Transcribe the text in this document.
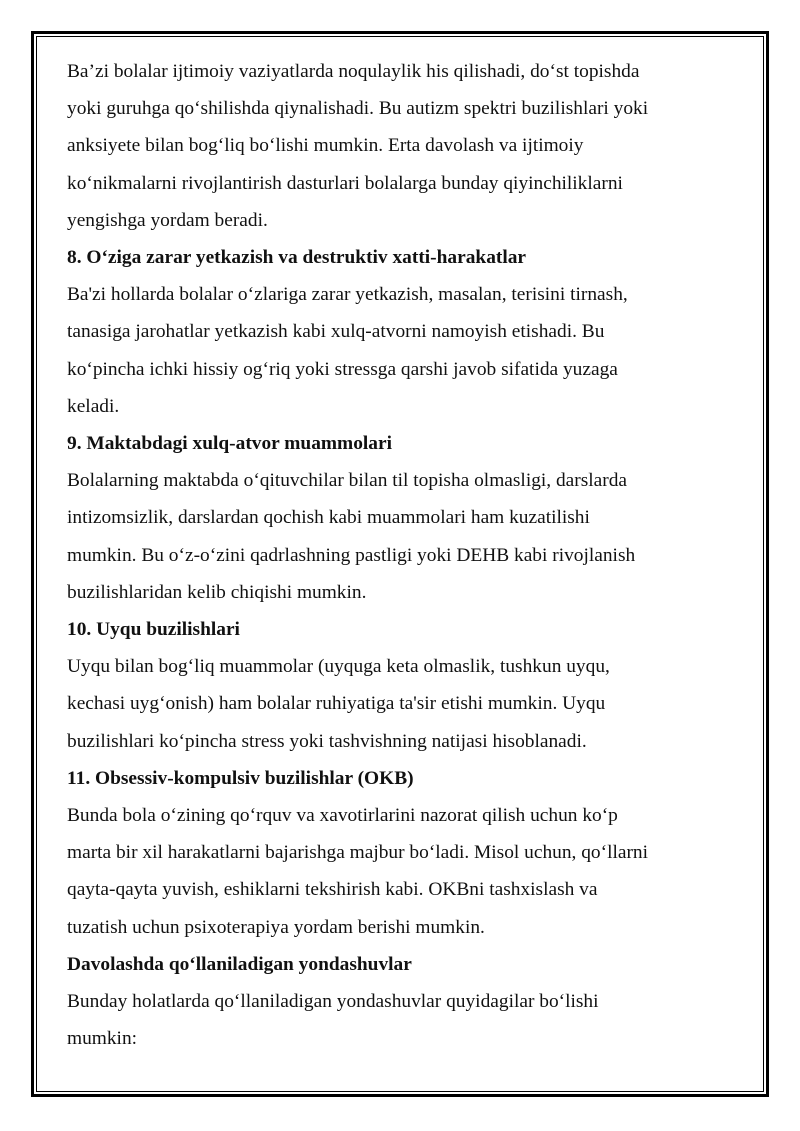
Ba’zi bolalar ijtimoiy vaziyatlarda noqulaylik his qilishadi, do‘st topishda
yoki guruhga qo‘shilishda qiynalishadi. Bu autizm spektri buzilishlari yoki
anksiyete bilan bog‘liq bo‘lishi mumkin. Erta davolash va ijtimoiy
ko‘nikmalarni rivojlantirish dasturlari bolalarga bunday qiyinchiliklarni
yengishga yordam beradi.
8. O‘ziga zarar yetkazish va destruktiv xatti-harakatlar
Ba'zi hollarda bolalar o‘zlariga zarar yetkazish, masalan, terisini tirnash,
tanasiga jarohatlar yetkazish kabi xulq-atvorni namoyish etishadi. Bu
ko‘pincha ichki hissiy og‘riq yoki stressga qarshi javob sifatida yuzaga
keladi.
9. Maktabdagi xulq-atvor muammolari
Bolalarning maktabda o‘qituvchilar bilan til topisha olmasligi, darslarda
intizomsizlik, darslardan qochish kabi muammolari ham kuzatilishi
mumkin. Bu o‘z-o‘zini qadrlashning pastligi yoki DEHB kabi rivojlanish
buzilishlaridan kelib chiqishi mumkin.
10. Uyqu buzilishlari
Uyqu bilan bog‘liq muammolar (uyquga keta olmaslik, tushkun uyqu,
kechasi uyg‘onish) ham bolalar ruhiyatiga ta'sir etishi mumkin. Uyqu
buzilishlari ko‘pincha stress yoki tashvishning natijasi hisoblanadi.
11. Obsessiv-kompulsiv buzilishlar (OKB)
Bunda bola o‘zining qo‘rquv va xavotirlarini nazorat qilish uchun ko‘p
marta bir xil harakatlarni bajarishga majbur bo‘ladi. Misol uchun, qo‘llarni
qayta-qayta yuvish, eshiklarni tekshirish kabi. OKBni tashxislash va
tuzatish uchun psixoterapiya yordam berishi mumkin.
Davolashda qo‘llaniladigan yondashuvlar
Bunday holatlarda qo‘llaniladigan yondashuvlar quyidagilar bo‘lishi
mumkin:
